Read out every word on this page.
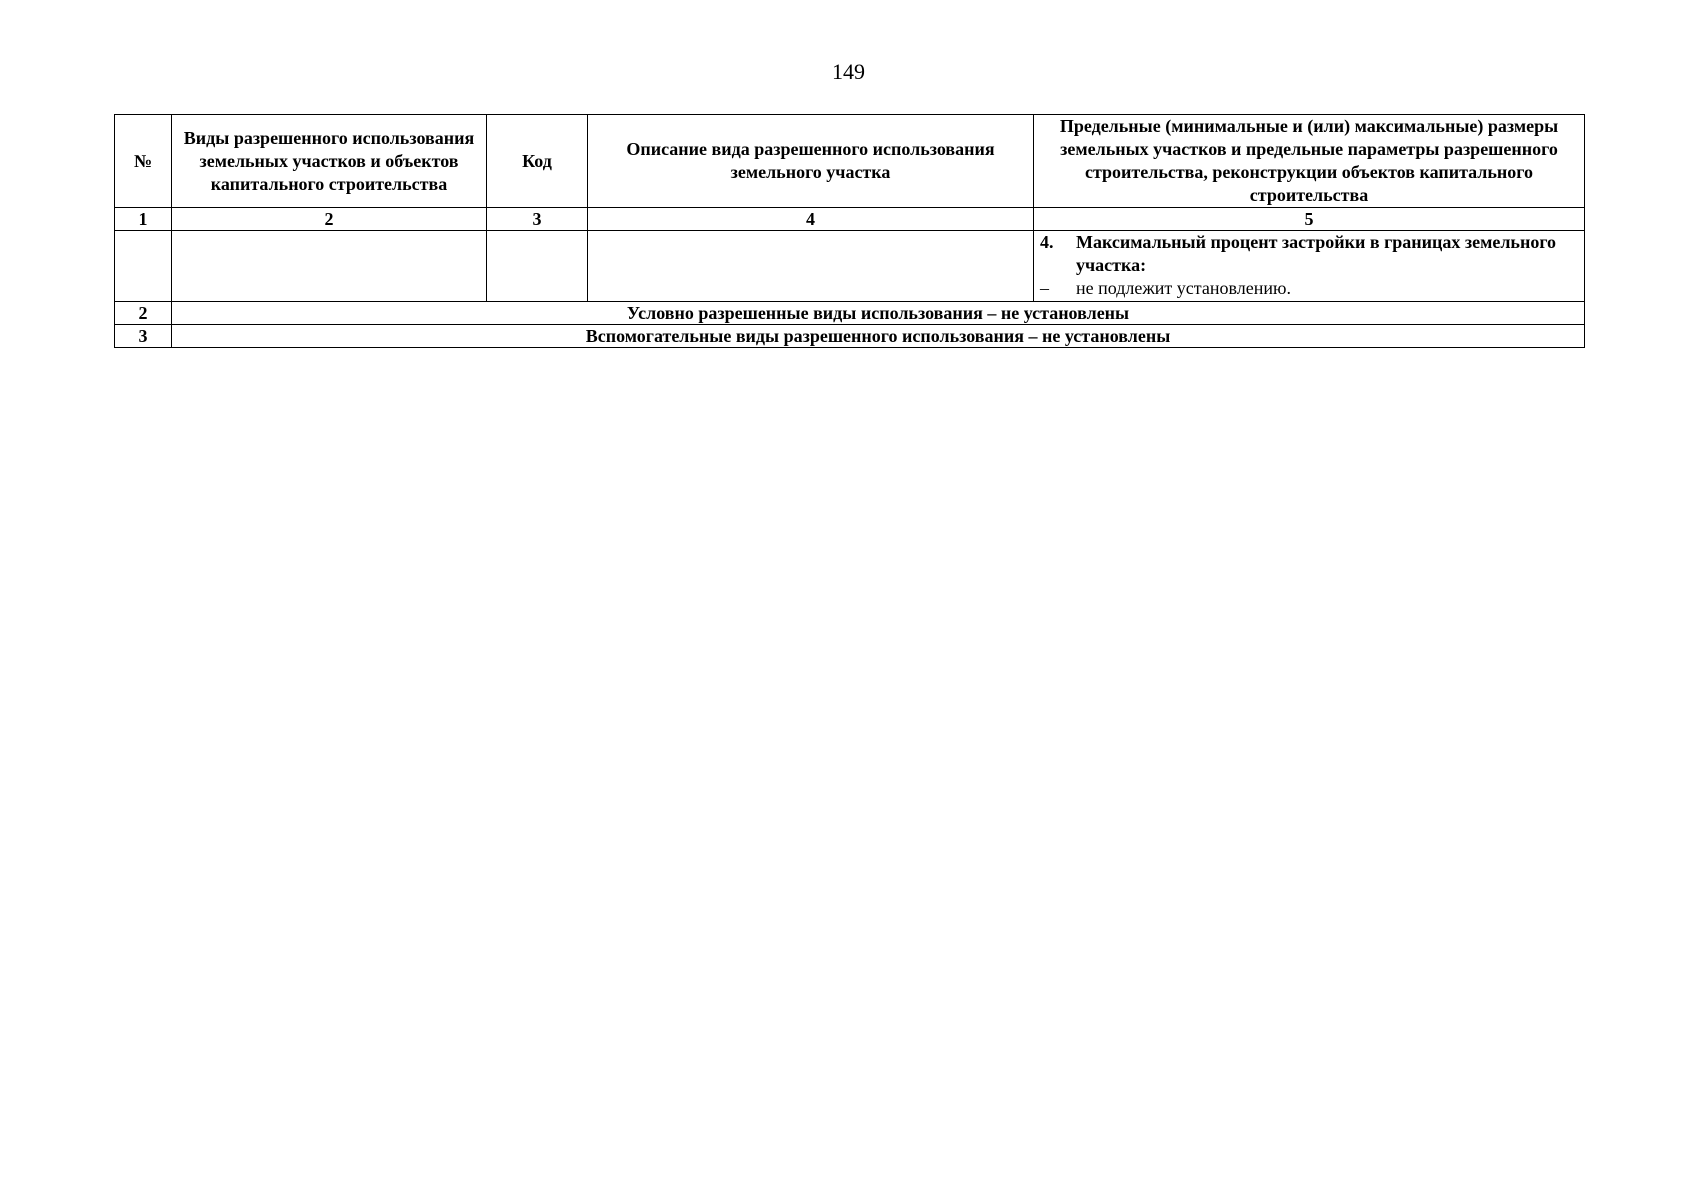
149
№	Виды разрешенного использования земельных участков и объектов капитального строительства	Код	Описание вида разрешенного использования земельного участка	Предельные (минимальные и (или) максимальные) размеры земельных участков и предельные параметры разрешенного строительства, реконструкции объектов капитального строительства
1	2	3	4	5

				4. Максимальный процент застройки в границах земельного участка:
– не подлежит установлению.

2	Условно разрешенные виды использования – не установлены			
3	Вспомогательные виды разрешенного использования – не установлены			
